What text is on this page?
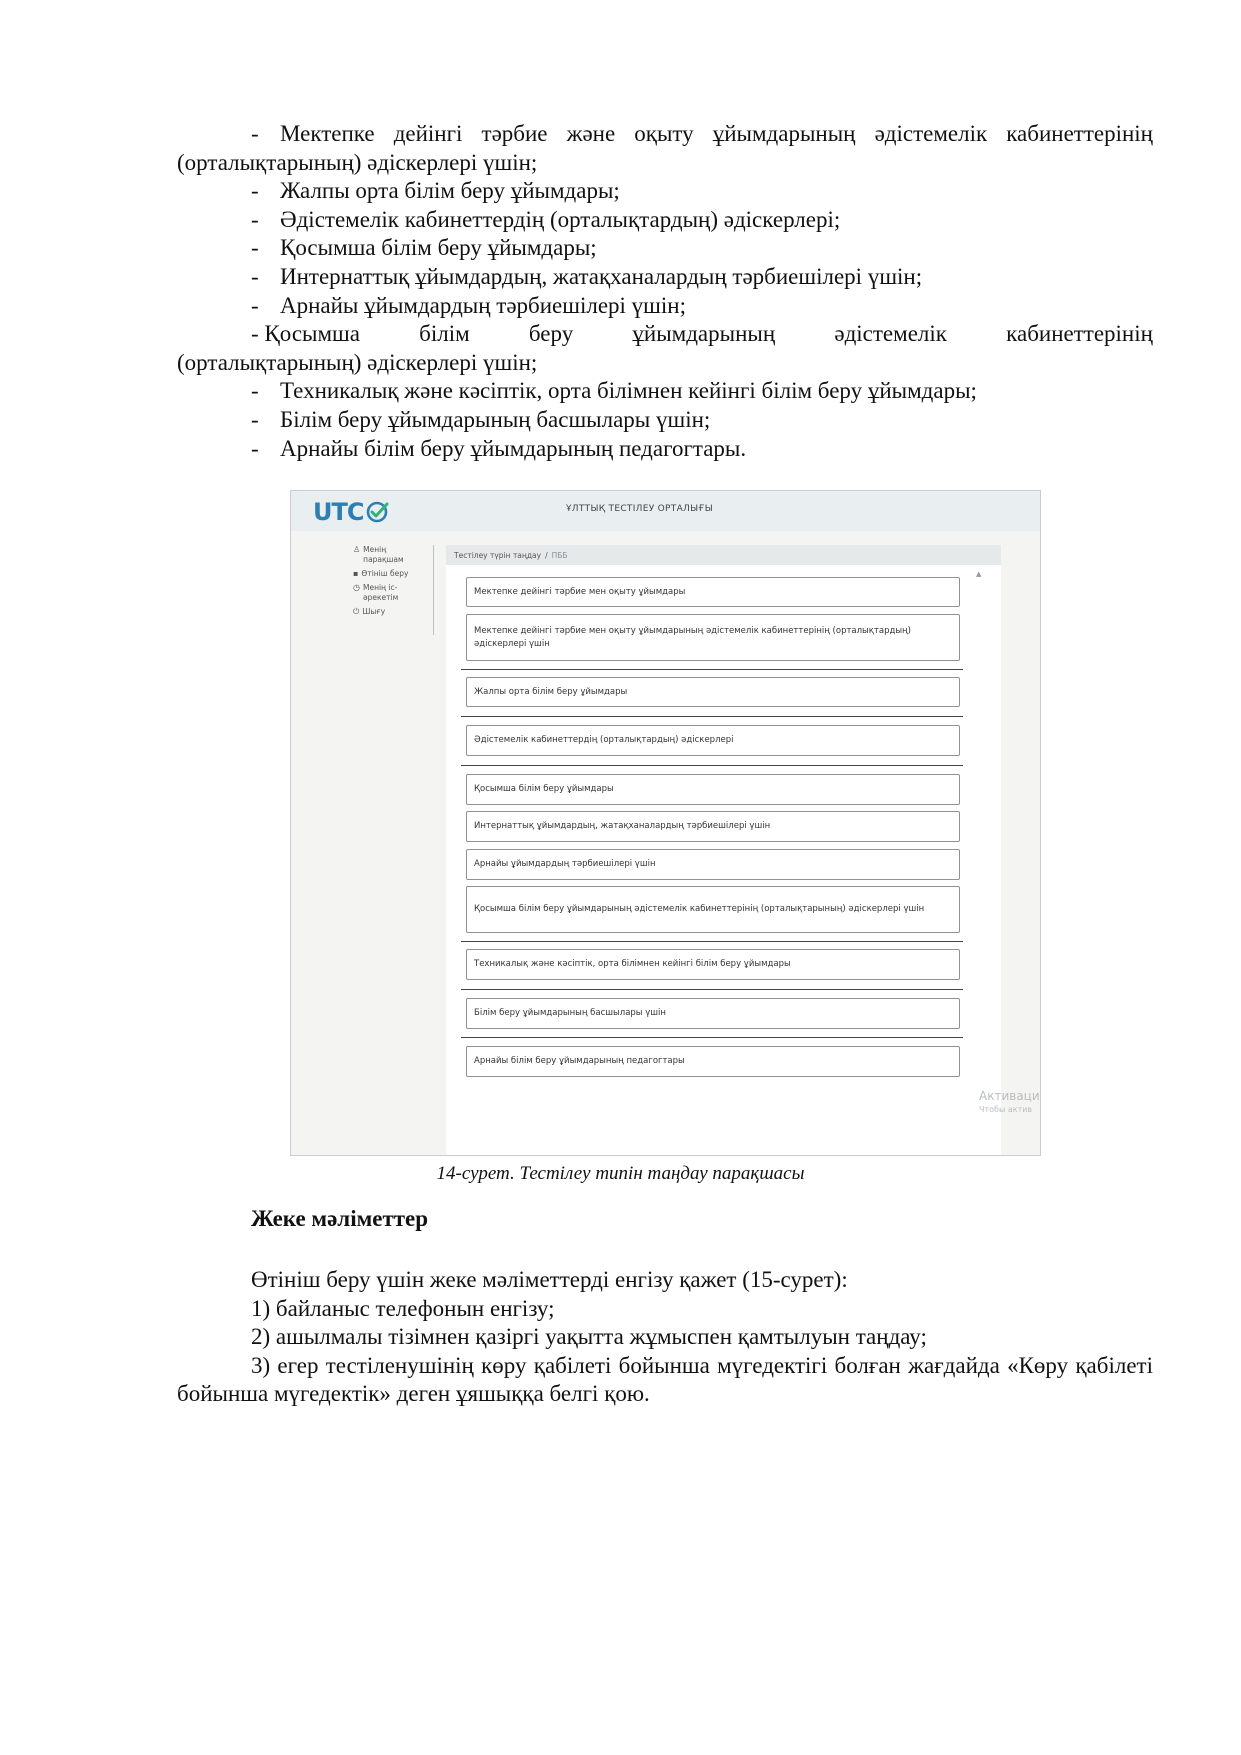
- Мектепке дейінгі тәрбие және оқыту ұйымдарының әдістемелік кабинеттерінің (орталықтарының) әдіскерлері үшін;
- Жалпы орта білім беру ұйымдары;
- Әдістемелік кабинеттердің (орталықтардың) әдіскерлері;
- Қосымша білім беру ұйымдары;
- Интернаттық ұйымдардың, жатақханалардың тәрбиешілері үшін;
- Арнайы ұйымдардың тәрбиешілері үшін;
- Қосымша	білім	беру	ұйымдарының	әдістемелік	кабинеттерінің
(орталықтарының) әдіскерлері үшін;
- Техникалық және кәсіптік, орта білімнен кейінгі білім беру ұйымдары;
- Білім беру ұйымдарының басшылары үшін;
- Арнайы білім беру ұйымдарының педагогтары.
UTC	ҰЛТТЫҚ ТЕСТІЛЕУ ОРТАЛЫҒЫ
♙ Менің парақшам
▪ Өтініш беру
◷ Менің іс-әрекетім
⏻ Шығу
Тестілеу түрін таңдау / ПББ
▲
Мектепке дейінгі тәрбие мен оқыту ұйымдары
Мектепке дейінгі тәрбие мен оқыту ұйымдарының әдістемелік кабинеттерінің (орталықтардың) әдіскерлері үшін
Жалпы орта білім беру ұйымдары
Әдістемелік кабинеттердің (орталықтардың) әдіскерлері
Қосымша білім беру ұйымдары
Интернаттық ұйымдардың, жатақханалардың тәрбиешілері үшін
Арнайы ұйымдардың тәрбиешілері үшін
Қосымша білім беру ұйымдарының әдістемелік кабинеттерінің (орталықтарының) әдіскерлері үшін
Техникалық және кәсіптік, орта білімнен кейінгі білім беру ұйымдары
Білім беру ұйымдарының басшылары үшін
Арнайы білім беру ұйымдарының педагогтары
Активаци
Чтобы актив
14-сурет. Тестілеу типін таңдау парақшасы
Жеке мәліметтер
Өтініш беру үшін жеке мәліметтерді енгізу қажет (15-сурет):
1) байланыс телефонын енгізу;
2) ашылмалы тізімнен қазіргі уақытта жұмыспен қамтылуын таңдау;
3) егер тестіленушінің көру қабілеті бойынша мүгедектігі болған жағдайда «Көру қабілеті бойынша мүгедектік» деген ұяшыққа белгі қою.
